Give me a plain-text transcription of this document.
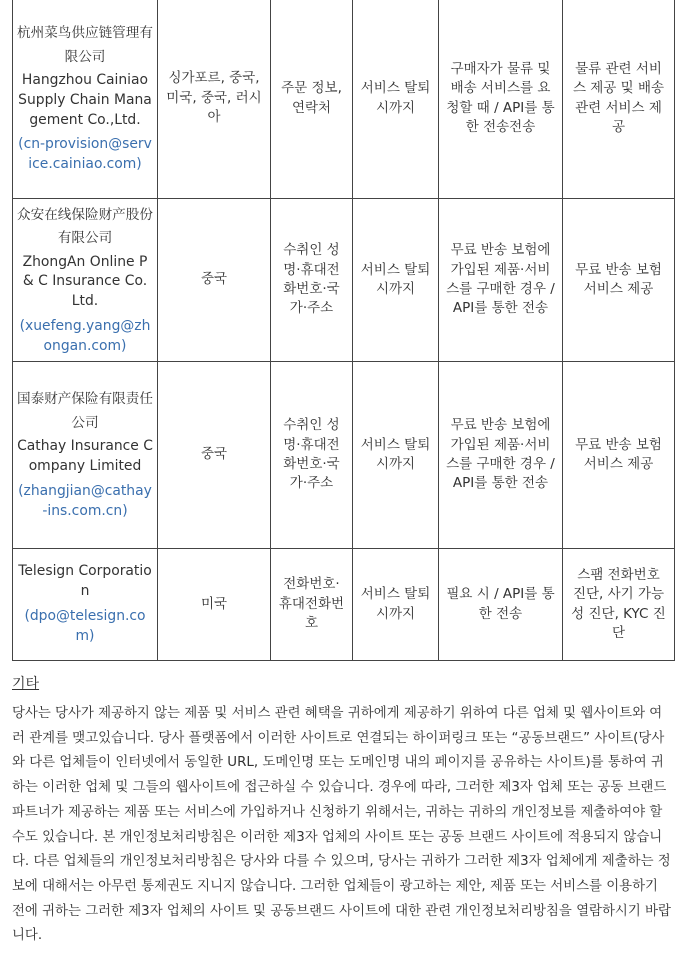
杭州菜鸟供应链管理有限公司
Hangzhou Cainiao Supply Chain Management Co.,Ltd.
(cn-provision@service.cainiao.com)	싱가포르, 중국, 미국, 중국, 러시아	주문 정보, 연락처	서비스 탈퇴 시까지	구매자가 물류 및 배송 서비스를 요청할 때 / API를 통한 전송전송	물류 관련 서비스 제공 및 배송 관련 서비스 제공

众安在线保险财产股份有限公司
ZhongAn Online P & C Insurance Co. Ltd.
(xuefeng.yang@zhongan.com)	중국	수취인 성명·휴대전화번호·국가·주소	서비스 탈퇴 시까지	무료 반송 보험에 가입된 제품·서비스를 구매한 경우 / API를 통한 전송	무료 반송 보험 서비스 제공

国泰财产保险有限责任公司
Cathay Insurance Company Limited
(zhangjian@cathay-ins.com.cn)	중국	수취인 성명·휴대전화번호·국가·주소	서비스 탈퇴 시까지	무료 반송 보험에 가입된 제품·서비스를 구매한 경우 / API를 통한 전송	무료 반송 보험 서비스 제공

Telesign Corporation
(dpo@telesign.com)	미국	전화번호·휴대전화번호	서비스 탈퇴 시까지	필요 시 / API를 통한 전송	스팸 전화번호 진단, 사기 가능성 진단, KYC 진단
기타

당사는 당사가 제공하지 않는 제품 및 서비스 관련 혜택을 귀하에게 제공하기 위하여 다른 업체 및 웹사이트와 여러 관계를 맺고있습니다. 당사 플랫폼에서 이러한 사이트로 연결되는 하이퍼링크 또는 “공동브랜드” 사이트(당사와 다른 업체들이 인터넷에서 동일한 URL, 도메인명 또는 도메인명 내의 페이지를 공유하는 사이트)를 통하여 귀하는 이러한 업체 및 그들의 웹사이트에 접근하실 수 있습니다. 경우에 따라, 그러한 제3자 업체 또는 공동 브랜드 파트너가 제공하는 제품 또는 서비스에 가입하거나 신청하기 위해서는, 귀하는 귀하의 개인정보를 제출하여야 할 수도 있습니다. 본 개인정보처리방침은 이러한 제3자 업체의 사이트 또는 공동 브랜드 사이트에 적용되지 않습니다. 다른 업체들의 개인정보처리방침은 당사와 다를 수 있으며, 당사는 귀하가 그러한 제3자 업체에게 제출하는 정보에 대해서는 아무런 통제권도 지니지 않습니다. 그러한 업체들이 광고하는 제안, 제품 또는 서비스를 이용하기 전에 귀하는 그러한 제3자 업체의 사이트 및 공동브랜드 사이트에 대한 관련 개인정보처리방침을 열람하시기 바랍니다.
